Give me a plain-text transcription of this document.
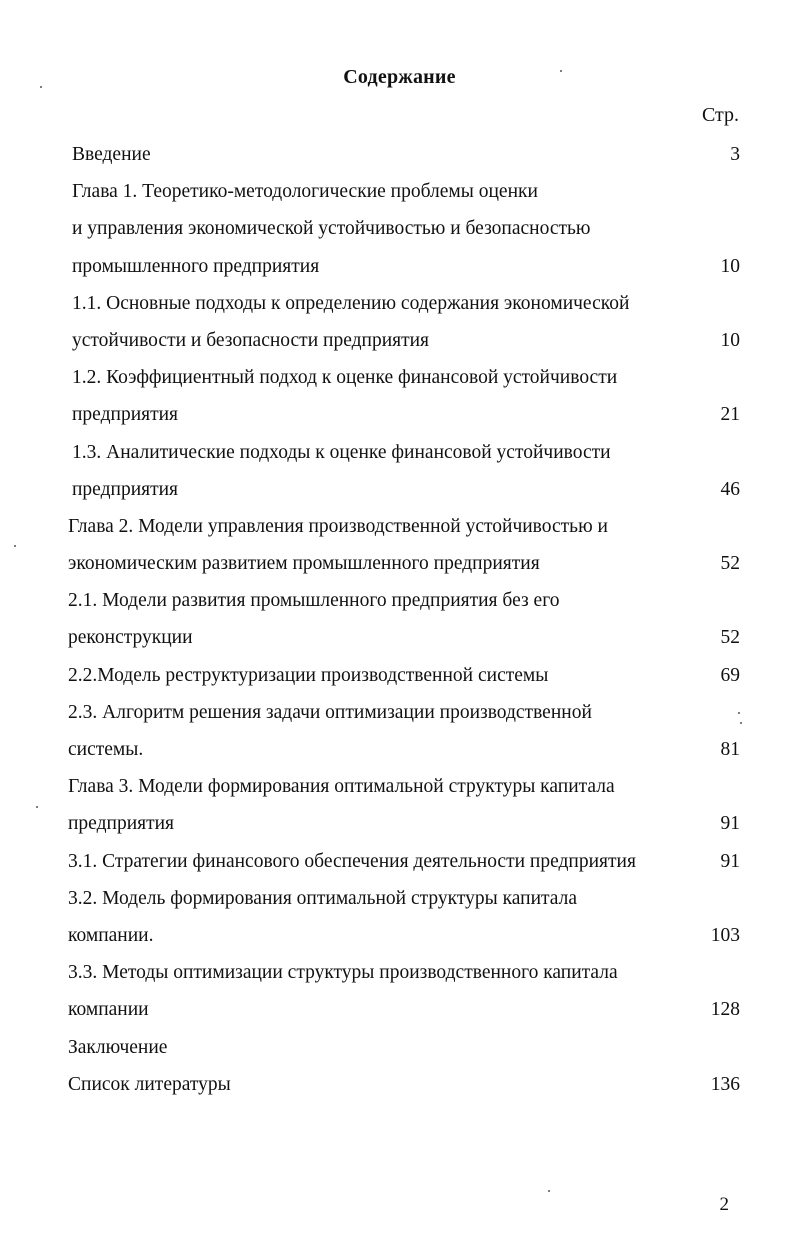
Содержание
Стр.
Введение	3
Глава 1. Теоретико-методологические проблемы оценки
и управления экономической устойчивостью и безопасностью
промышленного предприятия	10
1.1. Основные подходы к определению содержания экономической
устойчивости и безопасности предприятия	10
1.2. Коэффициентный подход к оценке финансовой устойчивости
предприятия	21
1.3. Аналитические подходы к оценке финансовой устойчивости
предприятия	46
Глава 2. Модели управления производственной устойчивостью и
экономическим развитием промышленного предприятия	52
2.1. Модели развития промышленного предприятия без его
реконструкции	52
2.2.Модель реструктуризации производственной системы	69
2.3. Алгоритм решения задачи оптимизации производственной
системы.	81
Глава 3. Модели формирования оптимальной структуры капитала
предприятия	91
3.1. Стратегии финансового обеспечения деятельности предприятия	91
3.2. Модель формирования оптимальной структуры капитала
компании.	103
3.3. Методы оптимизации структуры производственного капитала
компании	128
Заключение
Список литературы	136
2
